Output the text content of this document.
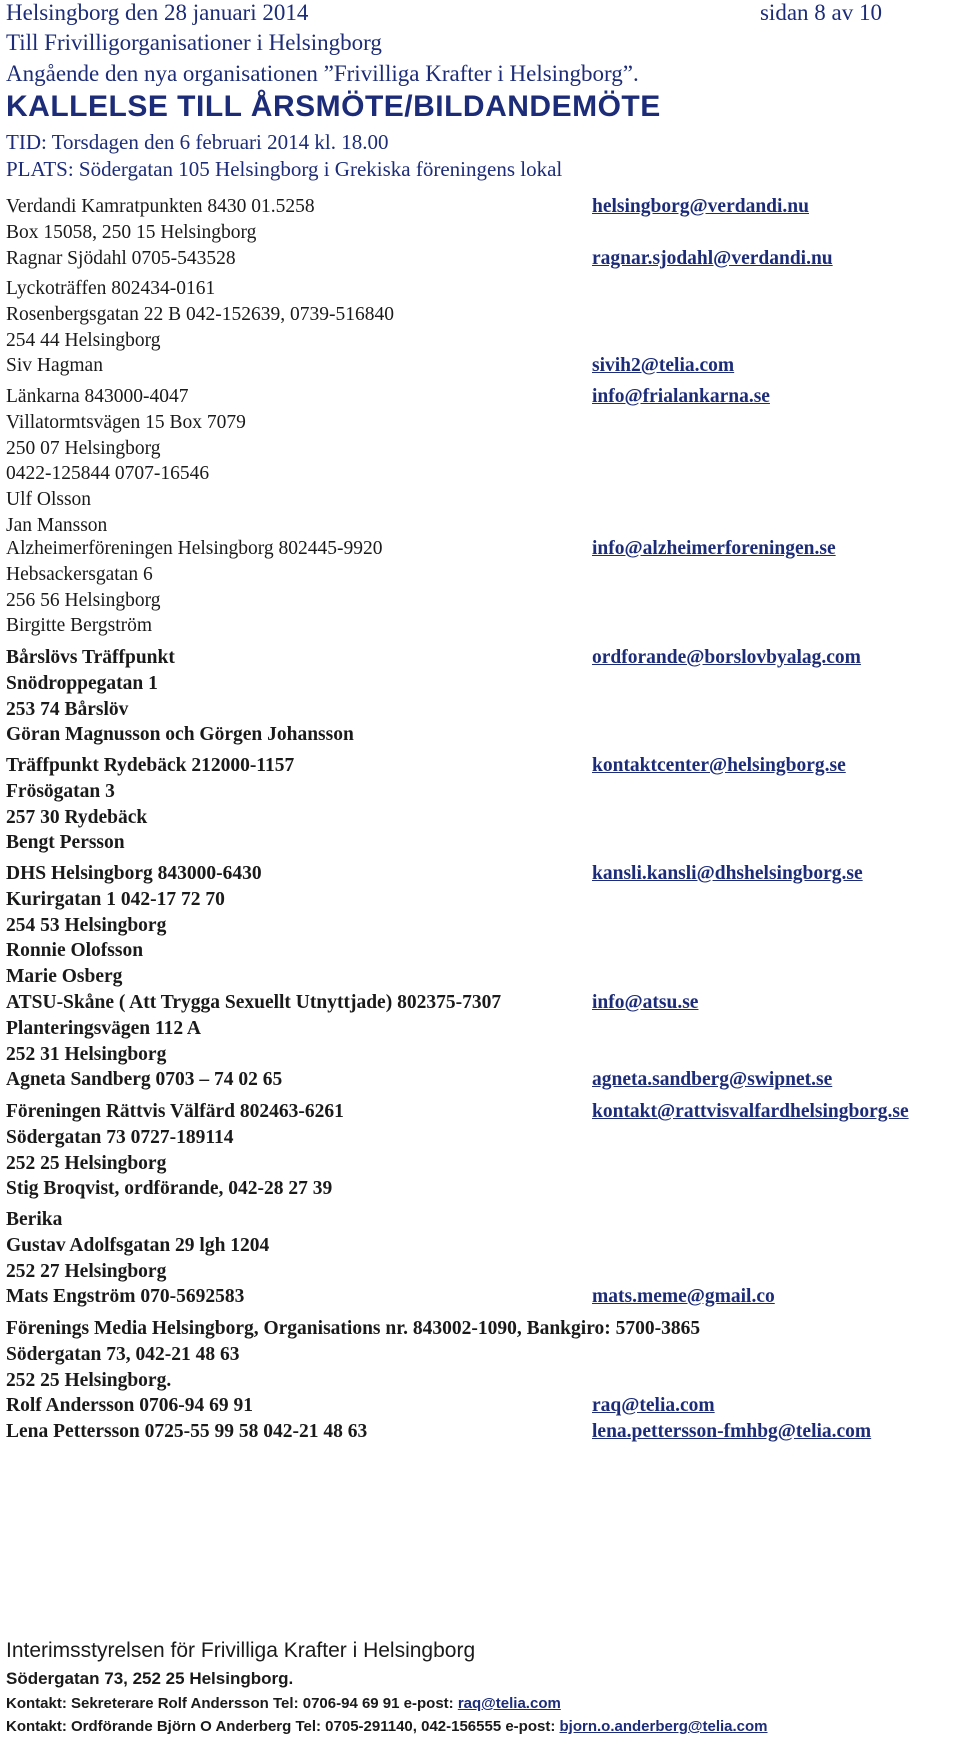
Helsingborg den 28 januari 2014	sidan 8 av 10
Till Frivilligorganisationer i Helsingborg
Angående den nya organisationen ”Frivilliga Krafter i Helsingborg”.
KALLELSE TILL ÅRSMÖTE/BILDANDEMÖTE
TID: Torsdagen den 6 februari 2014 kl. 18.00
PLATS: Södergatan 105 Helsingborg i Grekiska föreningens lokal
Verdandi Kamratpunkten 8430 01.5258	helsingborg@verdandi.nu
Box 15058, 250 15 Helsingborg
Ragnar Sjödahl 0705-543528	ragnar.sjodahl@verdandi.nu
Lyckoträffen 802434-0161
Rosenbergsgatan 22 B 042-152639, 0739-516840
254 44 Helsingborg
Siv Hagman	sivih2@telia.com
Länkarna 843000-4047	info@frialankarna.se
Villatormtsvägen 15 Box 7079
250 07 Helsingborg
0422-125844 0707-16546
Ulf Olsson
Jan Mansson
Alzheimerföreningen Helsingborg 802445-9920	info@alzheimerforeningen.se
Hebsackersgatan 6
256 56 Helsingborg
Birgitte Bergström
Bårslövs Träffpunkt	ordforande@borslovbyalag.com
Snödroppegatan 1
253 74 Bårslöv
Göran Magnusson och Görgen Johansson
Träffpunkt Rydebäck 212000-1157	kontaktcenter@helsingborg.se
Frösögatan 3
257 30 Rydebäck
Bengt Persson
DHS Helsingborg 843000-6430	kansli.kansli@dhshelsingborg.se
Kurirgatan 1 042-17 72 70
254 53 Helsingborg
Ronnie Olofsson
Marie Osberg
ATSU-Skåne ( Att Trygga Sexuellt Utnyttjade) 802375-7307	info@atsu.se
Planteringsvägen 112 A
252 31 Helsingborg
Agneta Sandberg 0703 – 74 02 65	agneta.sandberg@swipnet.se
Föreningen Rättvis Välfärd 802463-6261	kontakt@rattvisvalfardhelsingborg.se
Södergatan 73 0727-189114
252 25 Helsingborg
Stig Broqvist, ordförande, 042-28 27 39
Berika
Gustav Adolfsgatan 29 lgh 1204
252 27 Helsingborg
Mats Engström 070-5692583	mats.meme@gmail.co
Förenings Media Helsingborg, Organisations nr. 843002-1090, Bankgiro: 5700-3865
Södergatan 73, 042-21 48 63
252 25 Helsingborg.
Rolf Andersson 0706-94 69 91	raq@telia.com
Lena Pettersson 0725-55 99 58 042-21 48 63	lena.pettersson-fmhbg@telia.com
Interimsstyrelsen för Frivilliga Krafter i Helsingborg
Södergatan 73, 252 25 Helsingborg.
Kontakt: Sekreterare Rolf Andersson Tel: 0706-94 69 91 e-post: raq@telia.com
Kontakt: Ordförande Björn O Anderberg Tel: 0705-291140, 042-156555 e-post: bjorn.o.anderberg@telia.com
